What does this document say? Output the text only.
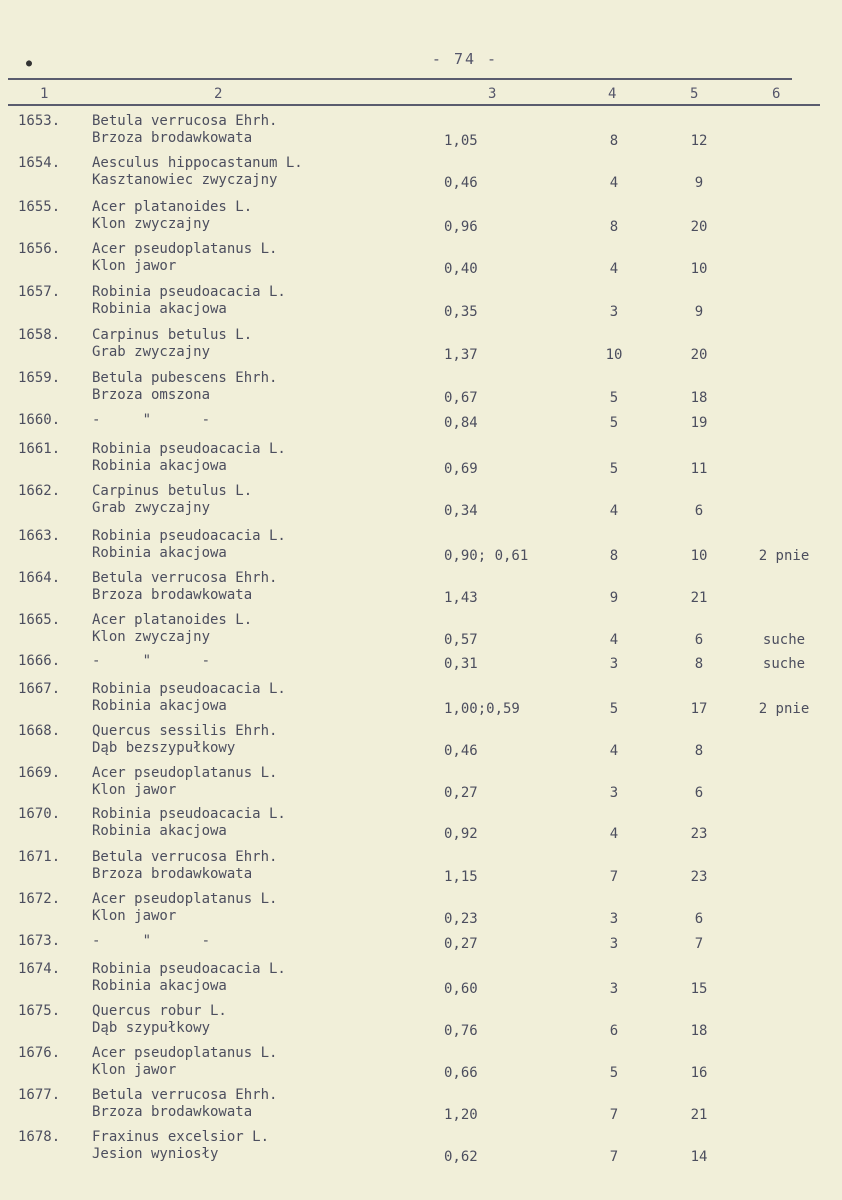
●	- 74 -
1	2	3	4	5	6
1653. Betula verrucosa Ehrh.
Brzoza brodawkowata	1,05	8	12
1654. Aesculus hippocastanum L.
Kasztanowiec zwyczajny	0,46	4	9
1655. Acer platanoides L.
Klon zwyczajny	0,96	8	20
1656. Acer pseudoplatanus L.
Klon jawor	0,40	4	10
1657. Robinia pseudoacacia L.
Robinia akacjowa	0,35	3	9
1658. Carpinus betulus L.
Grab zwyczajny	1,37	10	20
1659. Betula pubescens Ehrh.
Brzoza omszona	0,67	5	18
1660. -     "      -	0,84	5	19
1661. Robinia pseudoacacia L.
Robinia akacjowa	0,69	5	11
1662. Carpinus betulus L.
Grab zwyczajny	0,34	4	6
1663. Robinia pseudoacacia L.
Robinia akacjowa	0,90; 0,61	8	10	2 pnie
1664. Betula verrucosa Ehrh.
Brzoza brodawkowata	1,43	9	21
1665. Acer platanoides L.
Klon zwyczajny	0,57	4	6	suche
1666. -     "      -	0,31	3	8	suche
1667. Robinia pseudoacacia L.
Robinia akacjowa	1,00;0,59	5	17	2 pnie
1668. Quercus sessilis Ehrh.
Dąb bezszypułkowy	0,46	4	8
1669. Acer pseudoplatanus L.
Klon jawor	0,27	3	6
1670. Robinia pseudoacacia L.
Robinia akacjowa	0,92	4	23
1671. Betula verrucosa Ehrh.
Brzoza brodawkowata	1,15	7	23
1672. Acer pseudoplatanus L.
Klon jawor	0,23	3	6
1673. -     "      -	0,27	3	7
1674. Robinia pseudoacacia L.
Robinia akacjowa	0,60	3	15
1675. Quercus robur L.
Dąb szypułkowy	0,76	6	18
1676. Acer pseudoplatanus L.
Klon jawor	0,66	5	16
1677. Betula verrucosa Ehrh.
Brzoza brodawkowata	1,20	7	21
1678. Fraxinus excelsior L.
Jesion wyniosły	0,62	7	14
